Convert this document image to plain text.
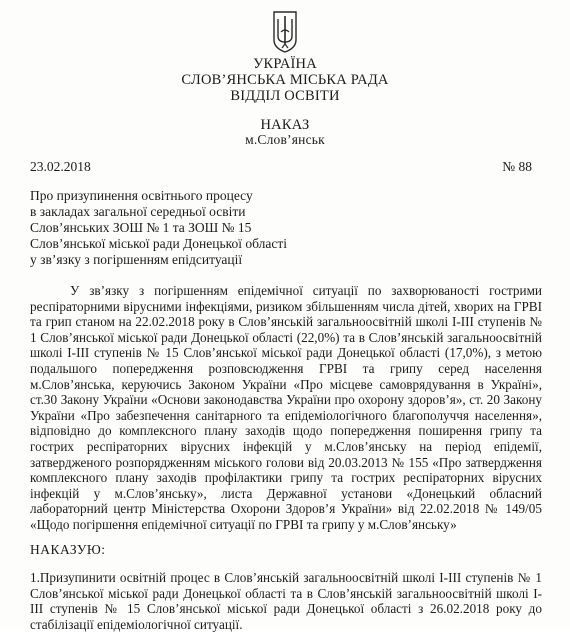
УКРАЇНА
СЛОВ’ЯНСЬКА МІСЬКА РАДА
ВІДДІЛ ОСВІТИ
НАКАЗ
м.Слов’янськ
23.02.2018	№ 88
Про призупинення освітнього процесу
в закладах загальної середньої освіти
Слов’янських ЗОШ № 1 та ЗОШ № 15
Слов’янської міської ради Донецької області
у зв’язку з погіршенням епідситуації
У зв’язку з погіршенням епідемічної ситуації по захворюваності гострими респіраторними вірусними інфекціями, ризиком збільшенням числа дітей, хворих на ГРВІ та грип станом на 22.02.2018 року в Слов’янській загальноосвітній школі І-ІІІ ступенів № 1 Слов’янської міської ради Донецької області (22,0%) та в Слов’янській загальноосвітній школі І-ІІІ ступенів № 15 Слов’янської міської ради Донецької області (17,0%), з метою подальшого попередження розповсюдження ГРВІ та грипу серед населення м.Слов’янська, керуючись Законом України «Про місцеве самоврядування в Україні», ст.30 Закону України «Основи законодавства України про охорону здоров’я», ст. 20 Закону України «Про забезпечення санітарного та епідеміологічного благополуччя населення», відповідно до комплексного плану заходів щодо попередження поширення грипу та гострих респіраторних вірусних інфекцій у м.Слов’янську на період епідемії, затвердженого розпорядженням міського голови від 20.03.2013 № 155 «Про затвердження комплексного плану заходів профілактики грипу та гострих респіраторних вірусних інфекцій у м.Слов’янську», листа Державної установи «Донецький обласний лабораторний центр Міністерства Охорони Здоров’я України» від 22.02.2018 № 149/05 «Щодо погіршення епідемічної ситуації по ГРВІ та грипу у м.Слов’янську»
НАКАЗУЮ:
1.Призупинити освітній процес в Слов’янській загальноосвітній школі І-ІІІ ступенів № 1 Слов’янської міської ради Донецької області та в Слов’янській загальноосвітній школі І-ІІІ ступенів № 15 Слов’янської міської ради Донецької області з 26.02.2018 року до стабілізації епідеміологічної ситуації.
